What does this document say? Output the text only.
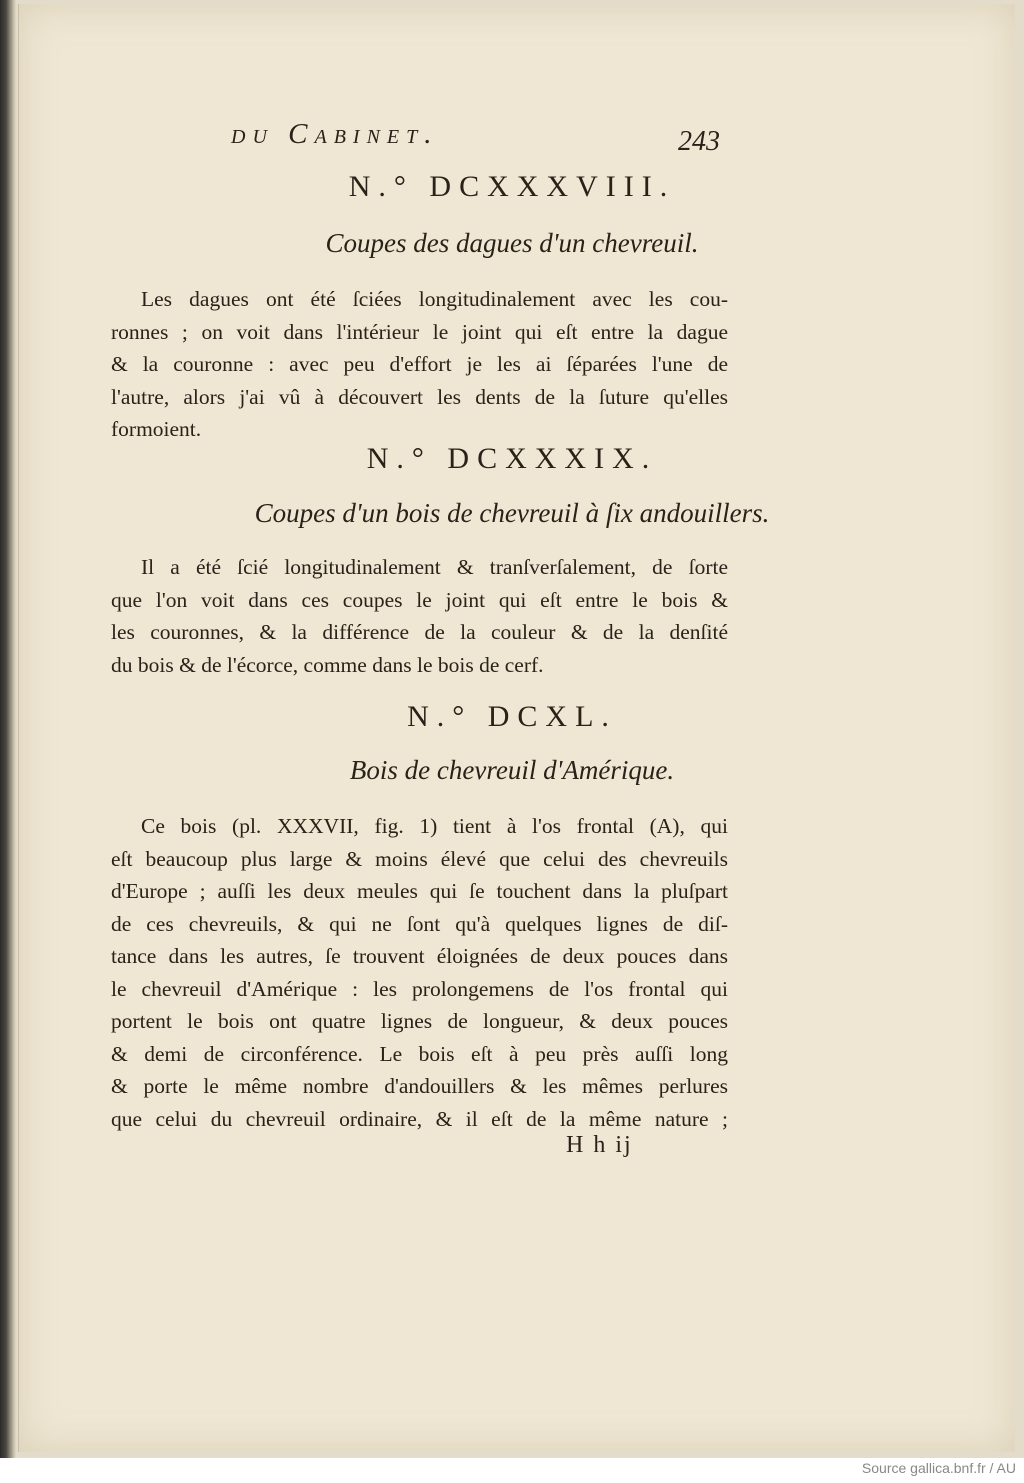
du Cabinet.	243
N.° DCXXXVIII.
Coupes des dagues d'un chevreuil.
Les dagues ont été ſciées longitudinalement avec les cou-
ronnes ; on voit dans l'intérieur le joint qui eſt entre la dague
& la couronne : avec peu d'effort je les ai ſéparées l'une de
l'autre, alors j'ai vû à découvert les dents de la ſuture qu'elles
formoient.
N.° DCXXXIX.
Coupes d'un bois de chevreuil à ſix andouillers.
Il a été ſcié longitudinalement & tranſverſalement, de ſorte
que l'on voit dans ces coupes le joint qui eſt entre le bois &
les couronnes, & la différence de la couleur & de la denſité
du bois & de l'écorce, comme dans le bois de cerf.
N.° DCXL.
Bois de chevreuil d'Amérique.
Ce bois (pl. XXXVII, fig. 1) tient à l'os frontal (A), qui
eſt beaucoup plus large & moins élevé que celui des chevreuils
d'Europe ; auſſi les deux meules qui ſe touchent dans la pluſpart
de ces chevreuils, & qui ne ſont qu'à quelques lignes de diſ-
tance dans les autres, ſe trouvent éloignées de deux pouces dans
le chevreuil d'Amérique : les prolongemens de l'os frontal qui
portent le bois ont quatre lignes de longueur, & deux pouces
& demi de circonférence. Le bois eſt à peu près auſſi long
& porte le même nombre d'andouillers & les mêmes perlures
que celui du chevreuil ordinaire, & il eſt de la même nature ;
H h ij
Source gallica.bnf.fr / AU
